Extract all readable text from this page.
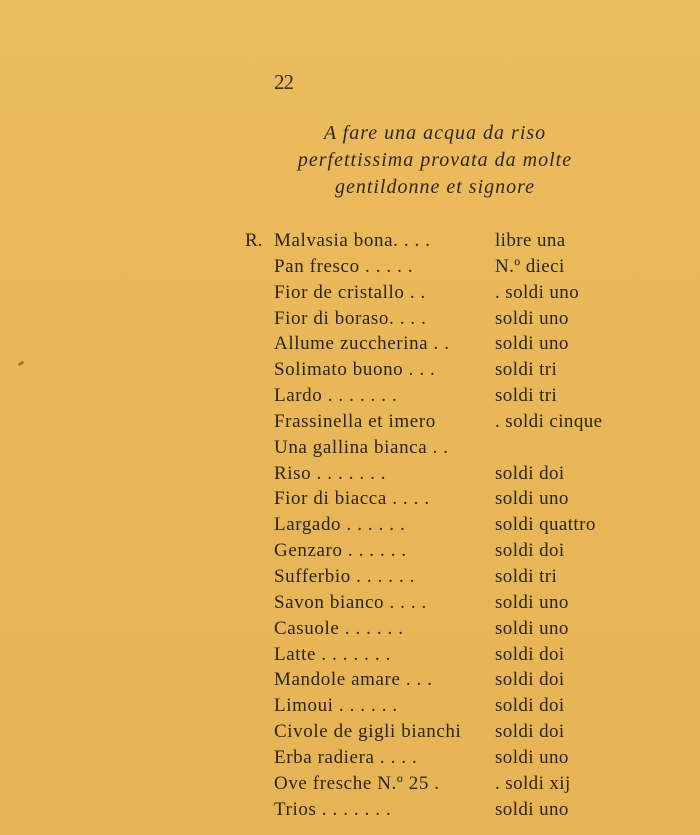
22
A fare una acqua da riso
perfettissima provata da molte
gentildonne et signore
R. Malvasia bona. . . .	libre una
Pan fresco . . . . .	N.º dieci
Fior de cristallo . .	. soldi uno
Fior di boraso. . . .	soldi uno
Allume zuccherina . . soldi uno
Solimato buono . . .	soldi tri
Lardo . . . . . . .	soldi tri
Frassinella et imero	. soldi cinque
Una gallina bianca . .
Riso . . . . . . .	soldi doi
Fior di biacca . . . .	soldi uno
Largado . . . . . .	soldi quattro
Genzaro . . . . . .	soldi doi
Sufferbio . . . . . .	soldi tri
Savon bianco . . . .	soldi uno
Casuole . . . . . .	soldi uno
Latte . . . . . . .	soldi doi
Mandole amare . . .	soldi doi
Limoui . . . . . .	soldi doi
Civole de gigli bianchi soldi doi
Erba radiera . . . .	soldi uno
Ove fresche N.º 25 .	. soldi xij
Trios . . . . . . .	soldi uno
